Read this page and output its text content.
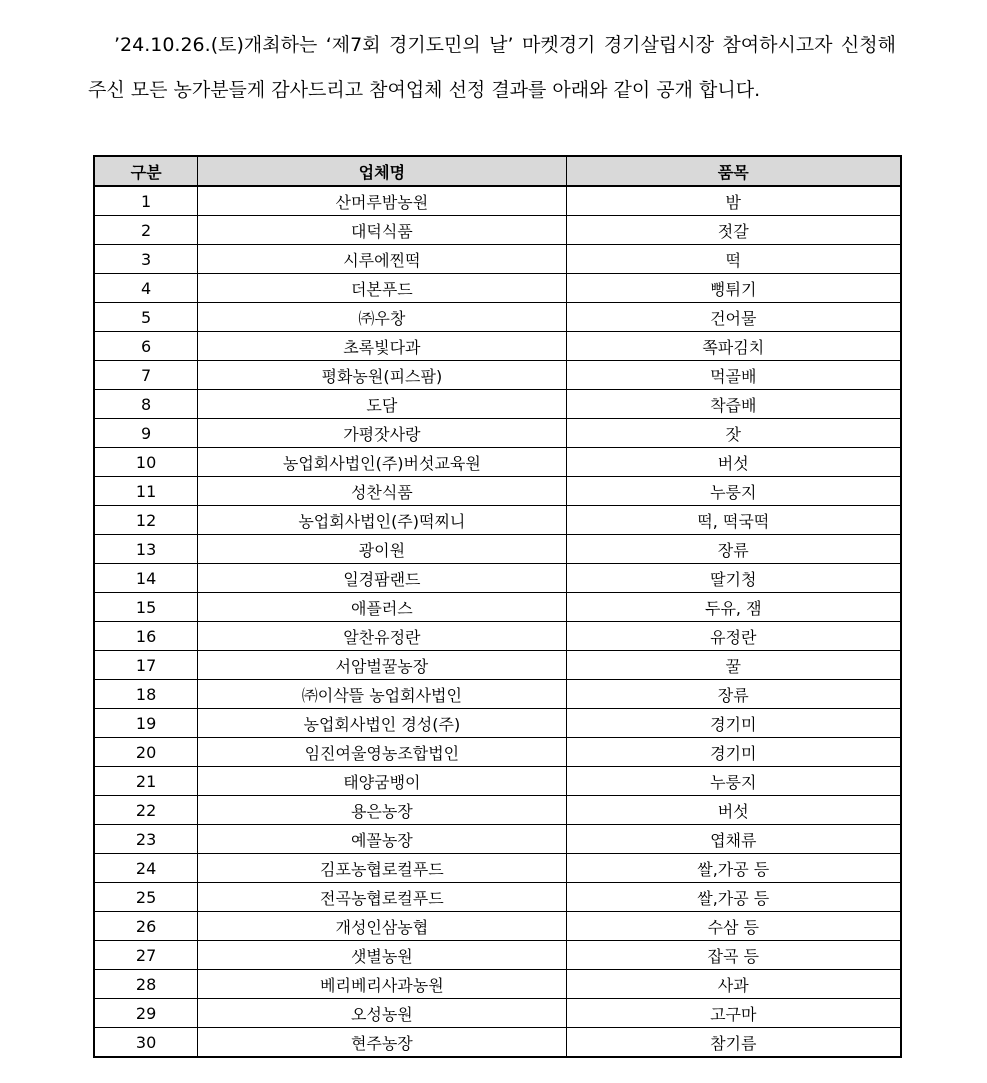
’24.10.26.(토)개최하는 ‘제7회 경기도민의 날’ 마켓경기 경기살립시장 참여하시고자 신청해주신 모든 농가분들게 감사드리고 참여업체 선정 결과를 아래와 같이 공개 합니다.

구분	업체명	품목
1	산머루밤농원	밤
2	대덕식품	젓갈
3	시루에찐떡	떡
4	더본푸드	뻥튀기
5	㈜우창	건어물
6	초록빛다과	쪽파김치
7	평화농원(피스팜)	먹골배
8	도담	착즙배
9	가평잣사랑	잣
10	농업회사법인(주)버섯교육원	버섯
11	성찬식품	누룽지
12	농업회사법인(주)떡찌니	떡, 떡국떡
13	광이원	장류
14	일경팜랜드	딸기청
15	애플러스	두유, 잼
16	알찬유정란	유정란
17	서암벌꿀농장	꿀
18	㈜이삭뜰 농업회사법인	장류
19	농업회사법인 경성(주)	경기미
20	임진여울영농조합법인	경기미
21	태양굼뱅이	누룽지
22	용은농장	버섯
23	예꼴농장	엽채류
24	김포농협로컬푸드	쌀,가공 등
25	전곡농협로컬푸드	쌀,가공 등
26	개성인삼농협	수삼 등
27	샛별농원	잡곡 등
28	베리베리사과농원	사과
29	오성농원	고구마
30	현주농장	참기름
